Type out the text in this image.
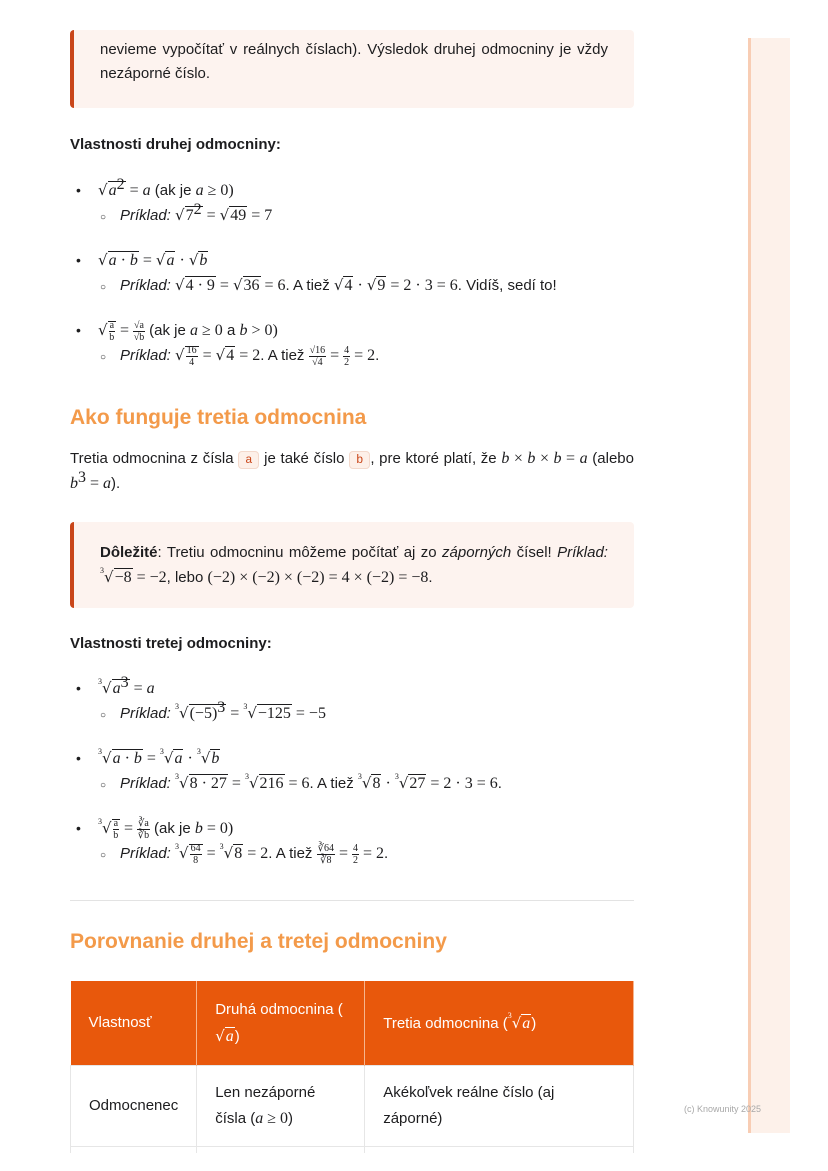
nevieme vypočítať v reálnych číslach). Výsledok druhej odmocniny je vždy nezáporné číslo.
Vlastnosti druhej odmocniny:
• $√a^2 = a$ (ak je a ≥ 0)
○ Príklad: $√7^2 = √49 = 7$
• √a · b = √a · √b
○ Príklad: √4 · 9 = √36 = 6. A tiež √4 · √9 = 2 · 3 = 6. Vidíš, sedí to!
• √ $\frac{a}{b} = \frac{√a}{√b} (ak$ je a ≥ 0 a b > 0)
○ Príklad: √ $\frac{16}{4} = √4 = 2$. A tiež $\frac{√16}{√4} = \frac{4}{2} = 2$.
Ako funguje tretia odmocnina
Tretia odmocnina z čísla a je také číslo b , pre ktoré platí, že b × b × b = a (alebo $b^3 = a$).
Dôležité: Tretiu odmocninu môžeme počítať aj zo záporných čísel! Príklad: 3√−8 = −2, lebo (−2) × (−2) × (−2) = 4 × (−2) = −8.
Vlastnosti tretej odmocniny:
• $3√a^3 = a$
○ Príklad: $3√(-5)^3 = 3√-125 = -5$
• 3√a · b = 3√a · 3√b
○ Príklad: 3√8 · 27 = 3√216 = 6. A tiež 3√8 · 3√27 = 2 · 3 = 6.
• $3√ \frac{a}{b} = \frac{∛a}{∛b} (ak$ je b = 0)
○ Príklad: $3√ \frac{64}{8} = 3√8 = 2$. A tiež $\frac{∛64}{∛8} = \frac{4}{2} = 2$.
Porovnanie druhej a tretej odmocniny
Vlastnosť	Druhá odmocnina (√a)	Tretia odmocnina (3√a)
Odmocnenec	Len nezáporné čísla (a ≥ 0)	Akékoľvek reálne číslo (aj záporné)

(c) Knowunity 2025
